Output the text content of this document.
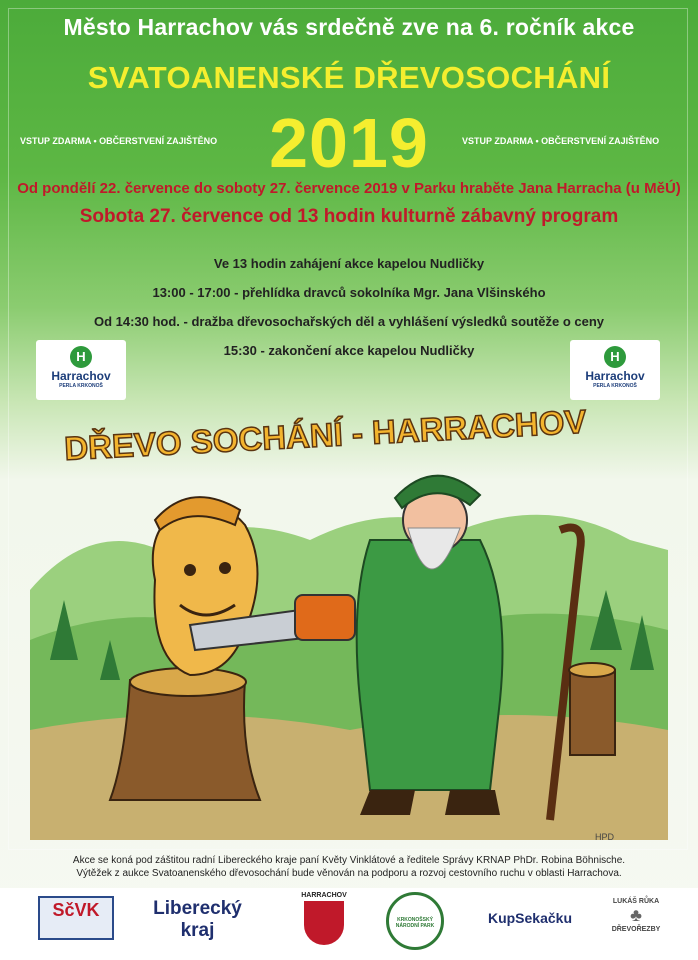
Město Harrachov vás srdečně zve na 6. ročník akce
SVATOANENSKÉ DŘEVOSOCHÁNÍ
VSTUP ZDARMA • OBČERSTVENÍ ZAJIŠTĚNO	VSTUP ZDARMA • OBČERSTVENÍ ZAJIŠTĚNO
2019
Od pondělí 22. července do soboty 27. července 2019 v Parku hraběte Jana Harracha (u MěÚ)
Sobota 27. července od 13 hodin kulturně zábavný program
Ve 13 hodin zahájení akce kapelou Nudličky
13:00 - 17:00 - přehlídka dravců sokolníka Mgr. Jana Vlšinského
Od 14:30 hod. - dražba dřevosochařských děl a vyhlášení výsledků soutěže o ceny
15:30 - zakončení akce kapelou Nudličky
H
Harrachov
PERLA KRKONOŠ
H
Harrachov
PERLA KRKONOŠ
DŘEVO SOCHÁNÍ - HARRACHOV
HPD
Akce se koná pod záštitou radní Libereckého kraje paní Květy Vinklátové a ředitele Správy KRNAP PhDr. Robina Böhnische.
Výtěžek z aukce Svatoanenského dřevosochání bude věnován na podporu a rozvoj cestovního ruchu v oblasti Harrachova.
SčVK	Liberecký
kraj
HARRACHOV
KRKONOŠSKÝ NÁRODNÍ PARK	KupSekačku
LUKÁŠ RŮKA
♣
DŘEVOŘEZBY
